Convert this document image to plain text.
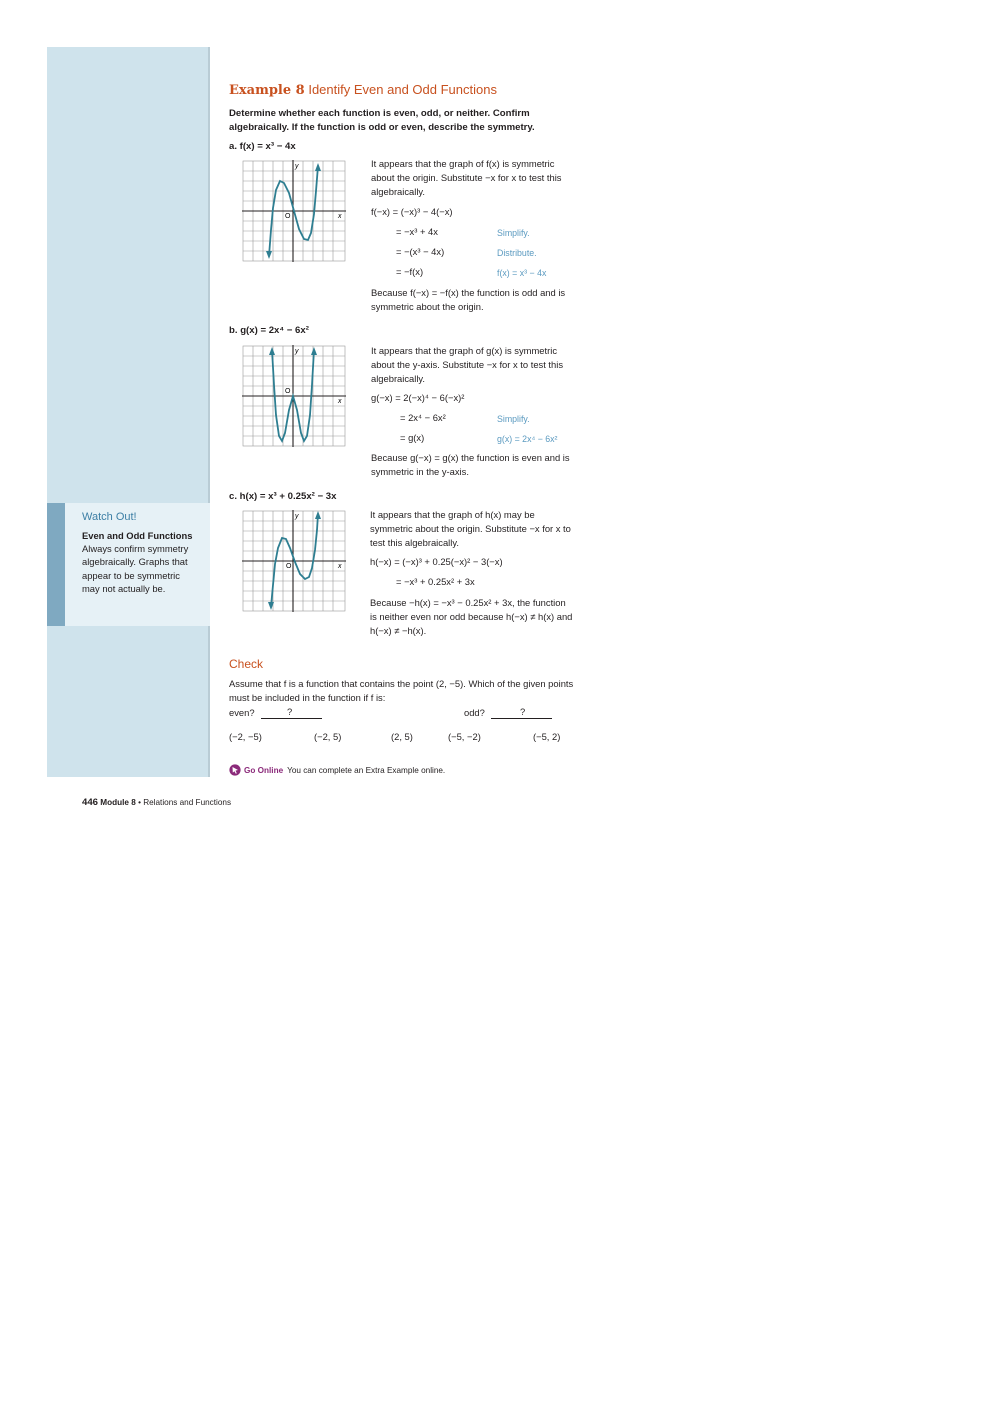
Watch Out!
Even and Odd Functions Always confirm symmetry algebraically. Graphs that appear to be symmetric may not actually be.
Example 8 Identify Even and Odd Functions
Determine whether each function is even, odd, or neither. Confirm algebraically. If the function is odd or even, describe the symmetry.
a. f(x) = x³ − 4x
y
x
O
It appears that the graph of f(x) is symmetric about the origin. Substitute −x for x to test this algebraically.
f(−x) = (−x)³ − 4(−x)
= −x³ + 4x	Simplify.
= −(x³ − 4x)	Distribute.
= −f(x)	f(x) = x³ − 4x
Because f(−x) = −f(x) the function is odd and is symmetric about the origin.
b. g(x) = 2x⁴ − 6x²
y
x
O
It appears that the graph of g(x) is symmetric about the y-axis. Substitute −x for x to test this algebraically.
g(−x) = 2(−x)⁴ − 6(−x)²
= 2x⁴ − 6x²	Simplify.
= g(x)	g(x) = 2x⁴ − 6x²
Because g(−x) = g(x) the function is even and is symmetric in the y-axis.
c. h(x) = x³ + 0.25x² − 3x
y
x
O
It appears that the graph of h(x) may be symmetric about the origin. Substitute −x for x to test this algebraically.
h(−x) = (−x)³ + 0.25(−x)² − 3(−x)
= −x³ + 0.25x² + 3x
Because −h(x) = −x³ − 0.25x² + 3x, the function is neither even nor odd because h(−x) ≠ h(x) and h(−x) ≠ −h(x).
Check
Assume that f is a function that contains the point (2, −5). Which of the given points must be included in the function if f is:
even?	?	odd?	?
(−2, −5)	(−2, 5)	(2, 5)	(−5, −2)	(−5, 2)
Go Online You can complete an Extra Example online.
446 Module 8 • Relations and Functions
